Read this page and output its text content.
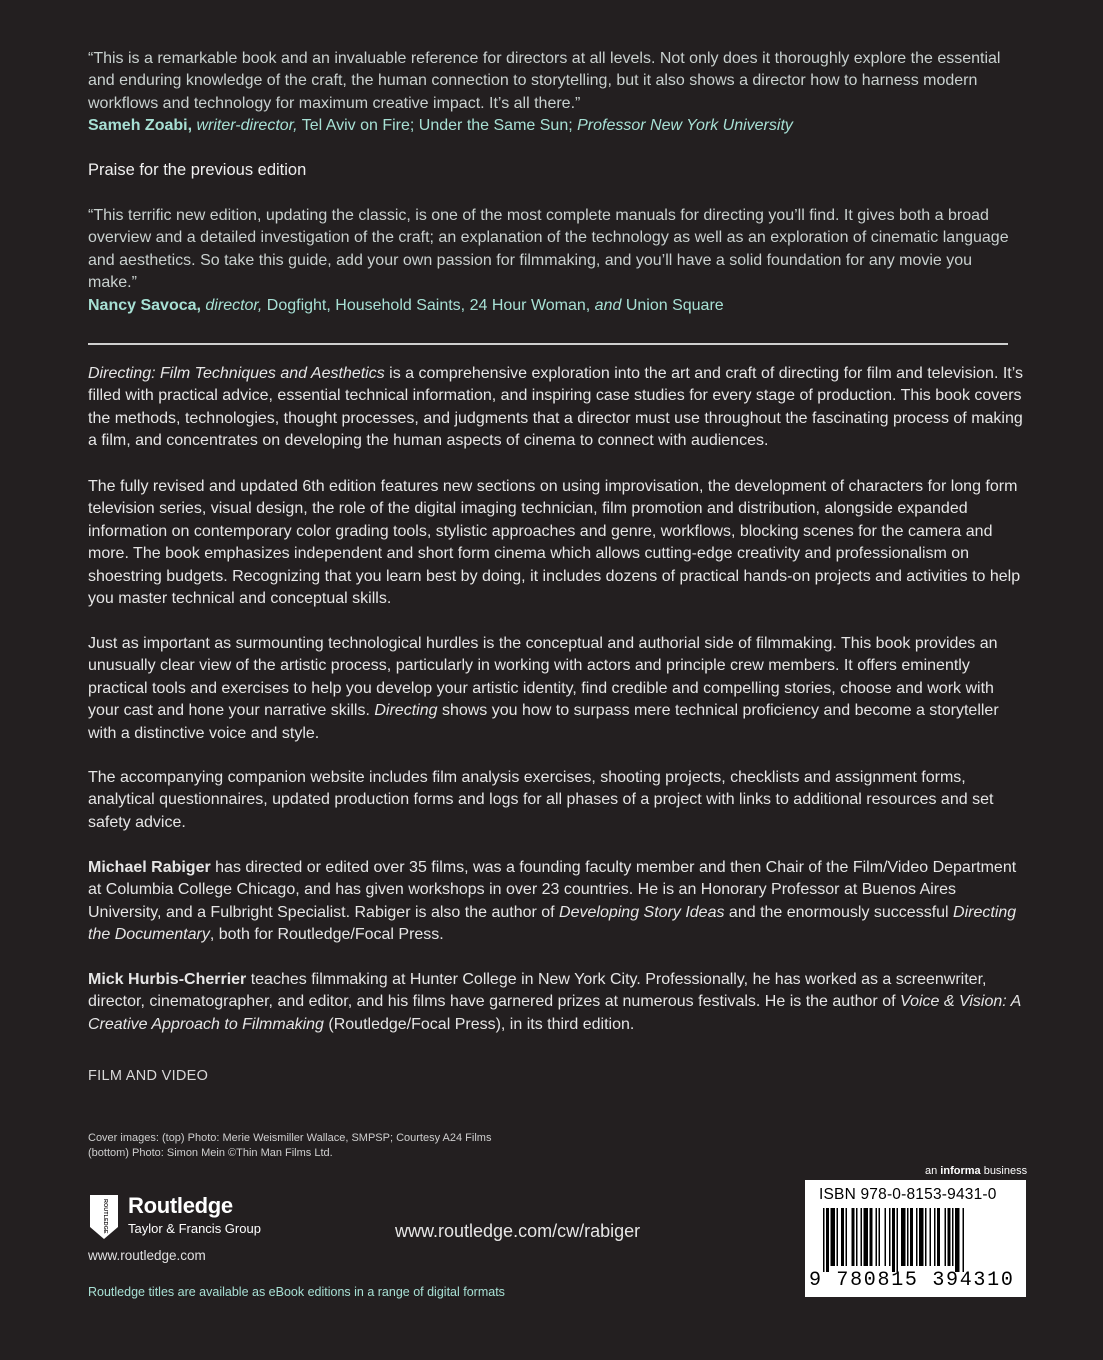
“This is a remarkable book and an invaluable reference for directors at all levels. Not only does it thoroughly explore the essential and enduring knowledge of the craft, the human connection to storytelling, but it also shows a director how to harness modern workflows and technology for maximum creative impact. It’s all there.”
Sameh Zoabi, writer-director, Tel Aviv on Fire; Under the Same Sun; Professor New York University

Praise for the previous edition

“This terrific new edition, updating the classic, is one of the most complete manuals for directing you’ll find. It gives both a broad overview and a detailed investigation of the craft; an explanation of the technology as well as an exploration of cinematic language and aesthetics. So take this guide, add your own passion for filmmaking, and you’ll have a solid foundation for any movie you make.”
Nancy Savoca, director, Dogfight, Household Saints, 24 Hour Woman, and Union Square

Directing: Film Techniques and Aesthetics is a comprehensive exploration into the art and craft of directing for film and television. It’s filled with practical advice, essential technical information, and inspiring case studies for every stage of production. This book covers the methods, technologies, thought processes, and judgments that a director must use throughout the fascinating process of making a film, and concentrates on developing the human aspects of cinema to connect with audiences.

The fully revised and updated 6th edition features new sections on using improvisation, the development of characters for long form television series, visual design, the role of the digital imaging technician, film promotion and distribution, alongside expanded information on contemporary color grading tools, stylistic approaches and genre, workflows, blocking scenes for the camera and more. The book emphasizes independent and short form cinema which allows cutting-edge creativity and professionalism on shoestring budgets. Recognizing that you learn best by doing, it includes dozens of practical hands-on projects and activities to help you master technical and conceptual skills.

Just as important as surmounting technological hurdles is the conceptual and authorial side of filmmaking. This book provides an unusually clear view of the artistic process, particularly in working with actors and principle crew members. It offers eminently practical tools and exercises to help you develop your artistic identity, find credible and compelling stories, choose and work with your cast and hone your narrative skills. Directing shows you how to surpass mere technical proficiency and become a storyteller with a distinctive voice and style.

The accompanying companion website includes film analysis exercises, shooting projects, checklists and assignment forms, analytical questionnaires, updated production forms and logs for all phases of a project with links to additional resources and set safety advice.

Michael Rabiger has directed or edited over 35 films, was a founding faculty member and then Chair of the Film/Video Department at Columbia College Chicago, and has given workshops in over 23 countries. He is an Honorary Professor at Buenos Aires University, and a Fulbright Specialist. Rabiger is also the author of Developing Story Ideas and the enormously successful Directing the Documentary, both for Routledge/Focal Press.

Mick Hurbis-Cherrier teaches filmmaking at Hunter College in New York City. Professionally, he has worked as a screenwriter, director, cinematographer, and editor, and his films have garnered prizes at numerous festivals. He is the author of Voice & Vision: A Creative Approach to Filmmaking (Routledge/Focal Press), in its third edition.

FILM AND VIDEO
Cover images: (top) Photo: Merie Weismiller Wallace, SMPSP; Courtesy A24 Films
(bottom) Photo: Simon Mein ©Thin Man Films Ltd.
ROUTLEDGE Routledge
Taylor & Francis Group
www.routledge.com
www.routledge.com/cw/rabiger
Routledge titles are available as eBook editions in a range of digital formats
an informa business
ISBN 978-0-8153-9431-0
9 780815 394310
